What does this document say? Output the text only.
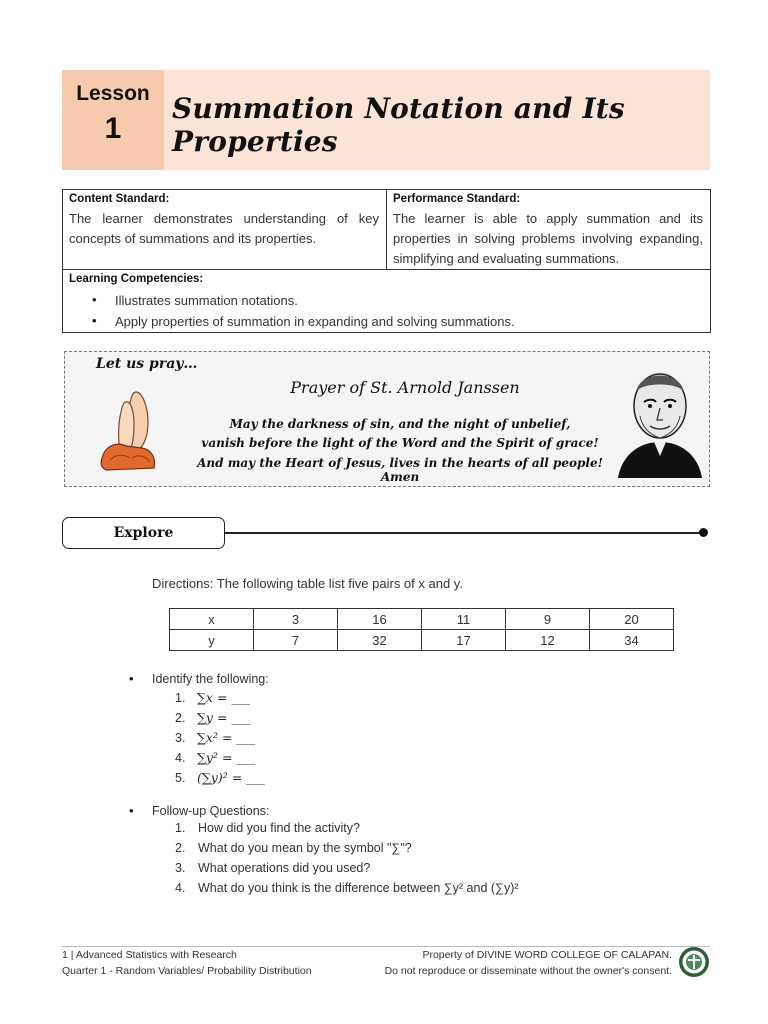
Lesson
1
Summation Notation and Its Properties
Content Standard:
The learner demonstrates understanding of key concepts of summations and its properties.
Performance Standard:
The learner is able to apply summation and its properties in solving problems involving expanding, simplifying and evaluating summations.
Learning Competencies:
• Illustrates summation notations.
• Apply properties of summation in expanding and solving summations.
Let us pray…
Prayer of St. Arnold Janssen
May the darkness of sin, and the night of unbelief,
vanish before the light of the Word and the Spirit of grace!
And may the Heart of Jesus, lives in the hearts of all people! Amen
Explore
Directions: The following table list five pairs of x and y.
x	3	16	11	9	20
y	7	32	17	12	34
• Identify the following:
1. ∑x = ___
2. ∑y = ___
3. ∑x² = ___
4. ∑y² = ___
5. (∑y)² = ___
• Follow-up Questions:
1. How did you find the activity?
2. What do you mean by the symbol "∑"?
3. What operations did you used?
4. What do you think is the difference between ∑y² and (∑y)²
1 | Advanced Statistics with Research
Quarter 1 - Random Variables/ Probability Distribution
Property of DIVINE WORD COLLEGE OF CALAPAN.
Do not reproduce or disseminate without the owner's consent.
